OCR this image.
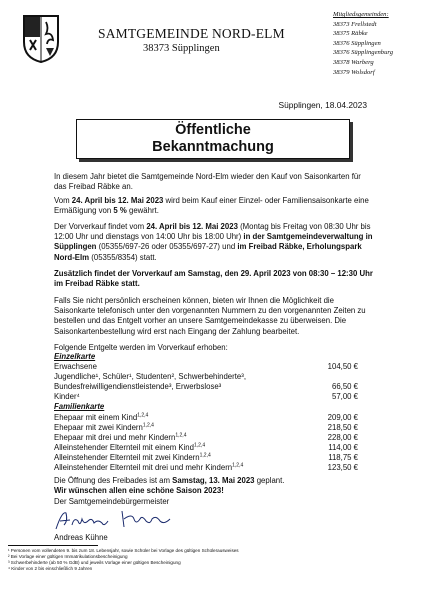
SAMTGEMEINDE NORD-ELM
38373 Süpplingen
Mitgliedsgemeinden:
38373 Frellstedt
38375 Räbke
38376 Süpplingen
38376 Süpplingenburg
38378 Warberg
38379 Wolsdorf
Süpplingen, 18.04.2023
Öffentliche
Bekanntmachung
In diesem Jahr bietet die Samtgemeinde Nord-Elm wieder den Kauf von Saisonkarten für das Freibad Räbke an.
Vom 24. April bis 12. Mai 2023 wird beim Kauf einer Einzel- oder Familiensaisonkarte eine Ermäßigung von 5 % gewährt.
Der Vorverkauf findet vom 24. April bis 12. Mai 2023 (Montag bis Freitag von 08:30 Uhr bis 12:00 Uhr und dienstags von 14:00 Uhr bis 18:00 Uhr) in der Samtgemeindeverwaltung in Süpplingen (05355/697-26 oder 05355/697-27) und im Freibad Räbke, Erholungspark Nord-Elm (05355/8354) statt.
Zusätzlich findet der Vorverkauf am Samstag, den 29. April 2023 von 08:30 – 12:30 Uhr im Freibad Räbke statt.
Falls Sie nicht persönlich erscheinen können, bieten wir Ihnen die Möglichkeit die Saisonkarte telefonisch unter den vorgenannten Nummern zu den vorgenannten Zeiten zu bestellen und das Entgelt vorher an unsere Samtgemeindekasse zu überweisen. Die Saisonkartenbestellung wird erst nach Eingang der Zahlung bearbeitet.
Folgende Entgelte werden im Vorverkauf erhoben:
Einzelkarte
Erwachsene	104,50 €
Jugendliche¹, Schüler¹, Studenten², Schwerbehinderte³,
Bundesfreiwilligendienstleistende³, Erwerbslose³	66,50 €
Kinder⁴	57,00 €
Familienkarte
Ehepaar mit einem Kind$^{1,2,4}$	209,00 €
Ehepaar mit zwei Kindern$^{1,2,4}$	218,50 €
Ehepaar mit drei und mehr Kindern$^{1,2,4}$	228,00 €
Alleinstehender Elternteil mit einem Kind$^{1,2,4}$	114,00 €
Alleinstehender Elternteil mit zwei Kindern$^{1,2,4}$	118,75 €
Alleinstehender Elternteil mit drei und mehr Kindern$^{1,2,4}$	123,50 €
Die Öffnung des Freibades ist am Samstag, 13. Mai 2023 geplant.
Wir wünschen allen eine schöne Saison 2023!
Der Samtgemeindebürgermeister
Andreas Kühne
¹ Personen vom vollendeten 9. bis zum 18. Lebensjahr, sowie Schüler bei Vorlage des gültigen Schülerausweises
² Bei Vorlage einer gültigen Immatrikulationsbescheinigung
³ Schwerbehinderte (ab 50 % GdB) und jeweils Vorlage einer gültigen Bescheinigung
⁴ Kinder von 2 bis einschließlich 9 Jahren
